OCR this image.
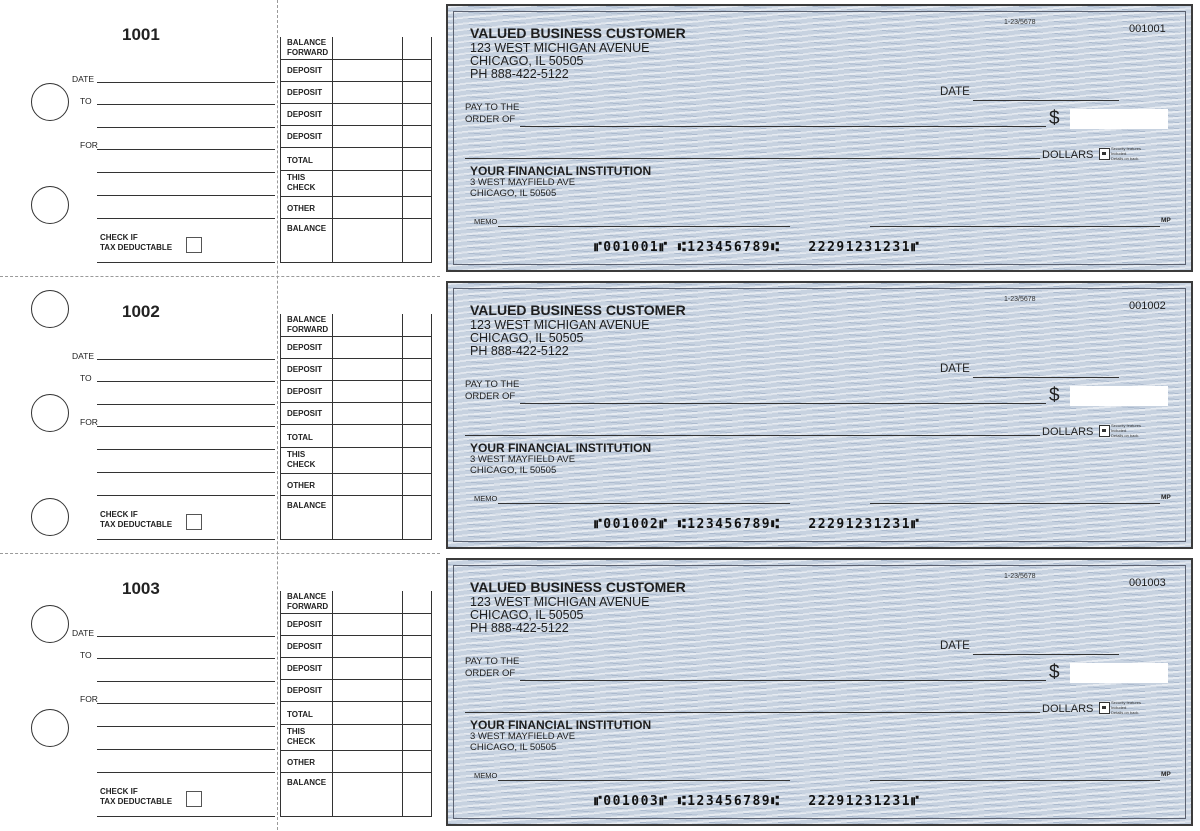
1001
DATE
TO
FOR
CHECK IF
TAX DEDUCTABLE
BALANCE
FORWARD
DEPOSIT
DEPOSIT
DEPOSIT
DEPOSIT
TOTAL
THIS
CHECK
OTHER
BALANCE
VALUED BUSINESS CUSTOMER
123 WEST MICHIGAN AVENUE
CHICAGO, IL 50505
PH 888-422-5122
1-23/5678
001001
DATE
PAY TO THE
ORDER OF	$
DOLLARS
Security features
Included.
Details on back.
YOUR FINANCIAL INSTITUTION
3 WEST MAYFIELD AVE
CHICAGO, IL 50505
MEMO	MP
⑈001001⑈ ⑆123456789⑆ 22291231231⑈
1002
DATE
TO
FOR
CHECK IF
TAX DEDUCTABLE
BALANCE
FORWARD
DEPOSIT
DEPOSIT
DEPOSIT
DEPOSIT
TOTAL
THIS
CHECK
OTHER
BALANCE
VALUED BUSINESS CUSTOMER
123 WEST MICHIGAN AVENUE
CHICAGO, IL 50505
PH 888-422-5122
1-23/5678
001002
DATE
PAY TO THE
ORDER OF	$
DOLLARS
Security features
Included.
Details on back.
YOUR FINANCIAL INSTITUTION
3 WEST MAYFIELD AVE
CHICAGO, IL 50505
MEMO	MP
⑈001002⑈ ⑆123456789⑆ 22291231231⑈
1003
DATE
TO
FOR
CHECK IF
TAX DEDUCTABLE
BALANCE
FORWARD
DEPOSIT
DEPOSIT
DEPOSIT
DEPOSIT
TOTAL
THIS
CHECK
OTHER
BALANCE
VALUED BUSINESS CUSTOMER
123 WEST MICHIGAN AVENUE
CHICAGO, IL 50505
PH 888-422-5122
1-23/5678
001003
DATE
PAY TO THE
ORDER OF	$
DOLLARS
Security features
Included.
Details on back.
YOUR FINANCIAL INSTITUTION
3 WEST MAYFIELD AVE
CHICAGO, IL 50505
MEMO	MP
⑈001003⑈ ⑆123456789⑆ 22291231231⑈
